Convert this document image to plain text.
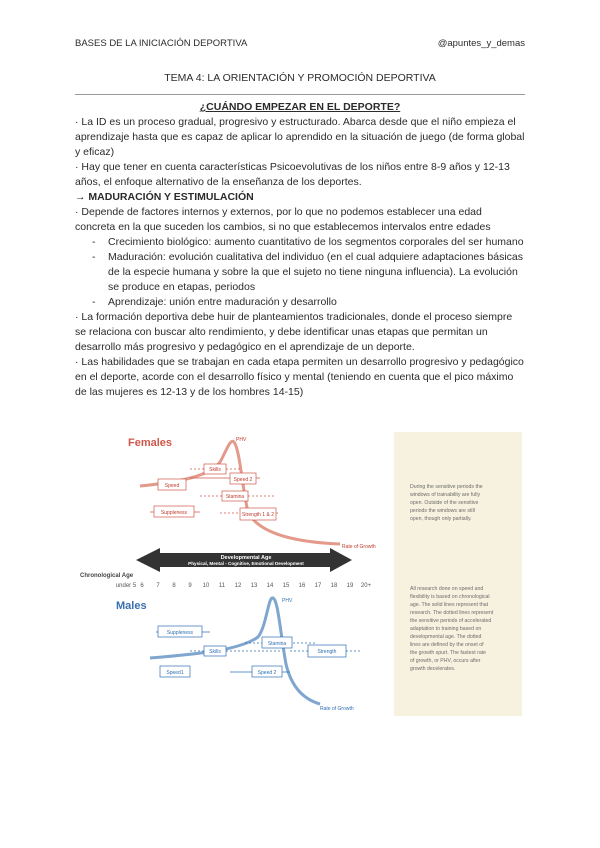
BASES DE LA INICIACIÓN DEPORTIVA	@apuntes_y_demas
TEMA 4: LA ORIENTACIÓN Y PROMOCIÓN DEPORTIVA

¿CUÁNDO EMPEZAR EN EL DEPORTE?

· La ID es un proceso gradual, progresivo y estructurado. Abarca desde que el niño empieza el aprendizaje hasta que es capaz de aplicar lo aprendido en la situación de juego (de forma global y eficaz)

· Hay que tener en cuenta características Psicoevolutivas de los niños entre 8-9 años y 12-13 años, el enfoque alternativo de la enseñanza de los deportes.

→ MADURACIÓN Y ESTIMULACIÓN

· Depende de factores internos y externos, por lo que no podemos establecer una edad concreta en la que suceden los cambios, si no que establecemos intervalos entre edades

- Crecimiento biológico: aumento cuantitativo de los segmentos corporales del ser humano
- Maduración: evolución cualitativa del individuo (en el cual adquiere adaptaciones básicas de la especie humana y sobre la que el sujeto no tiene ninguna influencia). La evolución se produce en etapas, periodos
- Aprendizaje: unión entre maduración y desarrollo

· La formación deportiva debe huir de planteamientos tradicionales, donde el proceso siempre se relaciona con buscar alto rendimiento, y debe identificar unas etapas que permitan un desarrollo más progresivo y pedagógico en el aprendizaje de un deporte.

· Las habilidades que se trabajan en cada etapa permiten un desarrollo progresivo y pedagógico en el deporte, acorde con el desarrollo físico y mental (teniendo en cuenta que el pico máximo de las mujeres es 12-13 y de los hombres 14-15)

Females	PHV
Rate of Growth
Skills
Speed
Speed 2
Stamina
Suppleness	Strength 1 & 2
Developmental Age
Physical, Mental - Cognitive, Emotional Development
Chronological Age
under 5 6 7 8 9 10 11 12 13 14 15 16 17 18 19 20+
Males	PHV
Rate of Growth
Suppleness
Skills
Stamina
Strength
Speed1	Speed 2
During the sensitive periods the
windows of trainability are fully
open. Outside of the sensitive
periods the windows are still
open, though only partially.
All research done on speed and
flexibility is based on chronological
age. The solid lines represent that
research. The dotted lines represent
the sensitive periods of accelerated
adaptation to training based on
developmental age. The dotted
lines are defined by the onset of
the growth spurt. The fastest rate
of growth, or PHV, occurs after
growth decelerates.
